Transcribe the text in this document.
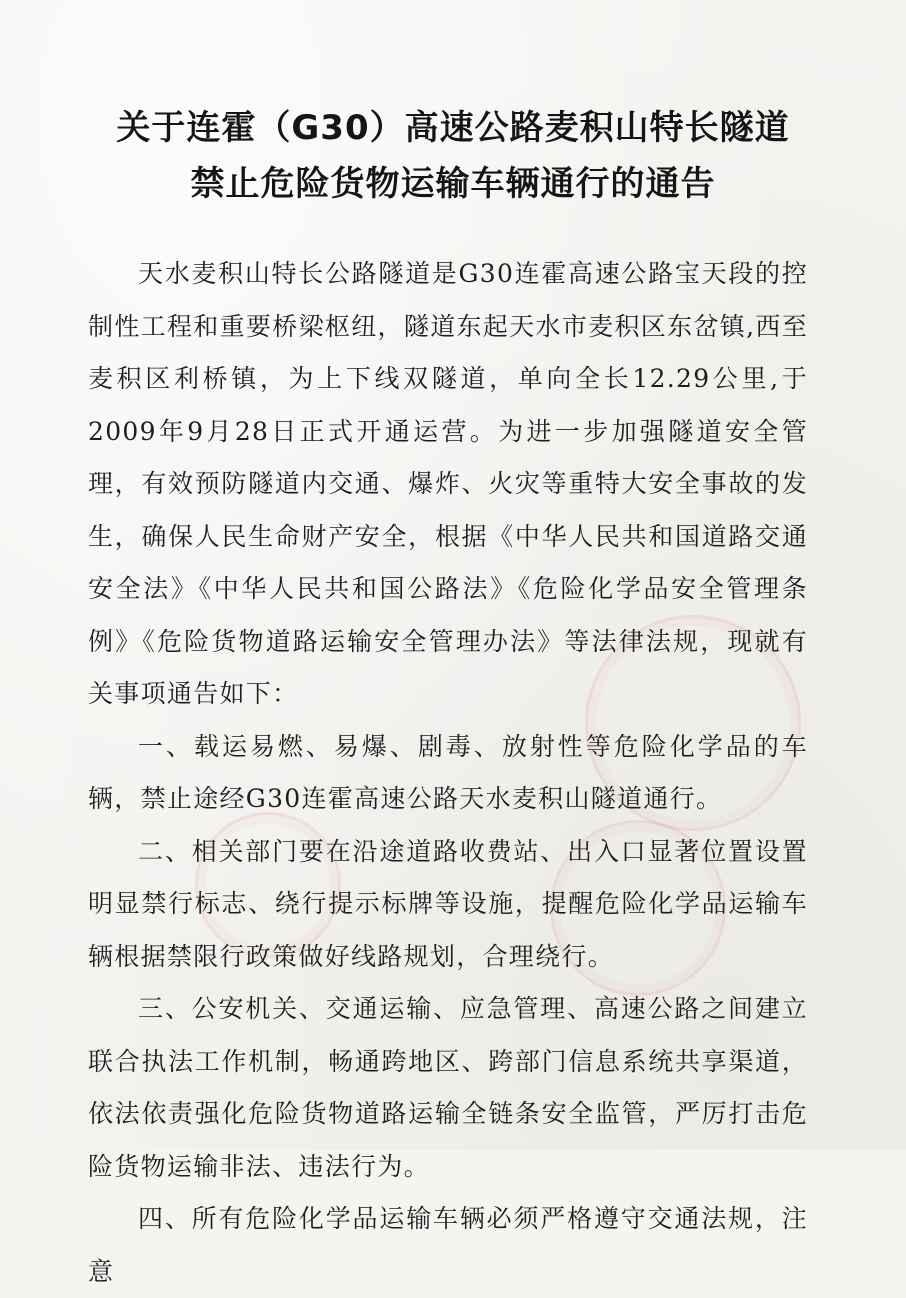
关于连霍（G30）高速公路麦积山特长隧道
禁止危险货物运输车辆通行的通告

天水麦积山特长公路隧道是G30连霍高速公路宝天段的控制性工程和重要桥梁枢纽，隧道东起天水市麦积区东岔镇,西至麦积区利桥镇，为上下线双隧道，单向全长12.29公里,于2009年9月28日正式开通运营。为进一步加强隧道安全管理，有效预防隧道内交通、爆炸、火灾等重特大安全事故的发生，确保人民生命财产安全，根据《中华人民共和国道路交通安全法》《中华人民共和国公路法》《危险化学品安全管理条例》《危险货物道路运输安全管理办法》等法律法规，现就有关事项通告如下：

一、载运易燃、易爆、剧毒、放射性等危险化学品的车辆，禁止途经G30连霍高速公路天水麦积山隧道通行。

二、相关部门要在沿途道路收费站、出入口显著位置设置明显禁行标志、绕行提示标牌等设施，提醒危险化学品运输车辆根据禁限行政策做好线路规划，合理绕行。

三、公安机关、交通运输、应急管理、高速公路之间建立联合执法工作机制，畅通跨地区、跨部门信息系统共享渠道，依法依责强化危险货物道路运输全链条安全监管，严厉打击危险货物运输非法、违法行为。

四、所有危险化学品运输车辆必须严格遵守交通法规，注意
